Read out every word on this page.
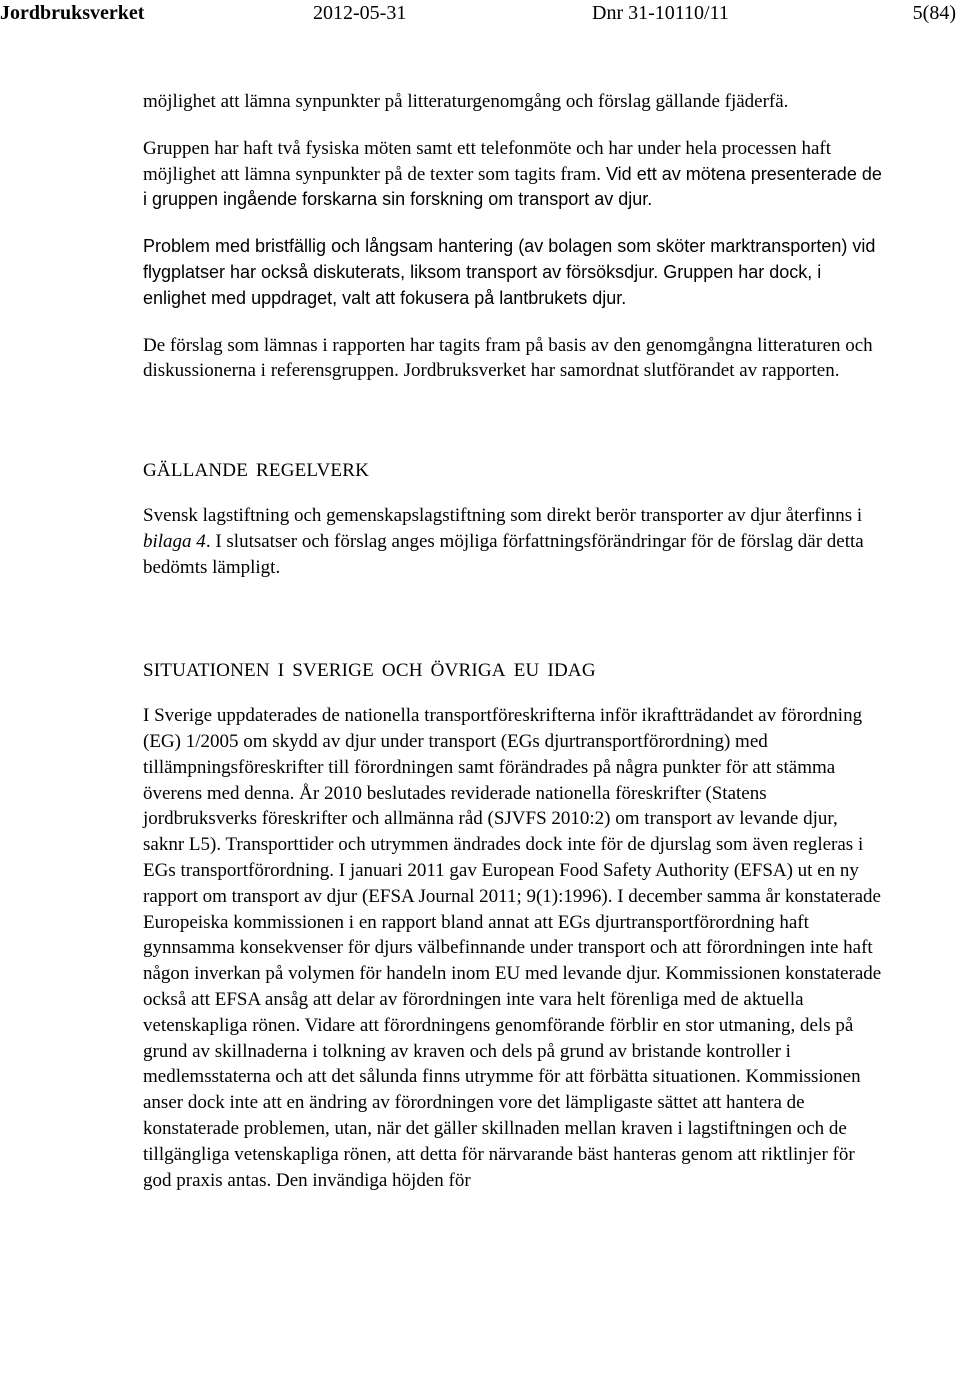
Jordbruksverket	2012-05-31	Dnr 31-10110/11	5(84)

möjlighet att lämna synpunkter på litteraturgenomgång och förslag gällande fjäderfä.

Gruppen har haft två fysiska möten samt ett telefonmöte och har under hela processen haft möjlighet att lämna synpunkter på de texter som tagits fram. Vid ett av mötena presenterade de i gruppen ingående forskarna sin forskning om transport av djur.

Problem med bristfällig och långsam hantering (av bolagen som sköter marktransporten) vid flygplatser har också diskuterats, liksom transport av försöksdjur. Gruppen har dock, i enlighet med uppdraget, valt att fokusera på lantbrukets djur.

De förslag som lämnas i rapporten har tagits fram på basis av den genomgångna litteraturen och diskussionerna i referensgruppen. Jordbruksverket har samordnat slutförandet av rapporten.

GÄLLANDE REGELVERK

Svensk lagstiftning och gemenskapslagstiftning som direkt berör transporter av djur återfinns i bilaga 4. I slutsatser och förslag anges möjliga författningsförändringar för de förslag där detta bedömts lämpligt.

SITUATIONEN I SVERIGE OCH ÖVRIGA EU IDAG

I Sverige uppdaterades de nationella transportföreskrifterna inför ikraftträdandet av förordning (EG) 1/2005 om skydd av djur under transport (EGs djurtransportförordning) med tillämpningsföreskrifter till förordningen samt förändrades på några punkter för att stämma överens med denna. År 2010 beslutades reviderade nationella föreskrifter (Statens jordbruksverks föreskrifter och allmänna råd (SJVFS 2010:2) om transport av levande djur, saknr L5). Transporttider och utrymmen ändrades dock inte för de djurslag som även regleras i EGs transportförordning. I januari 2011 gav European Food Safety Authority (EFSA) ut en ny rapport om transport av djur (EFSA Journal 2011; 9(1):1996). I december samma år konstaterade Europeiska kommissionen i en rapport bland annat att EGs djurtransportförordning haft gynnsamma konsekvenser för djurs välbefinnande under transport och att förordningen inte haft någon inverkan på volymen för handeln inom EU med levande djur. Kommissionen konstaterade också att EFSA ansåg att delar av förordningen inte vara helt förenliga med de aktuella vetenskapliga rönen. Vidare att förordningens genomförande förblir en stor utmaning, dels på grund av skillnaderna i tolkning av kraven och dels på grund av bristande kontroller i medlemsstaterna och att det sålunda finns utrymme för att förbätta situationen. Kommissionen anser dock inte att en ändring av förordningen vore det lämpligaste sättet att hantera de konstaterade problemen, utan, när det gäller skillnaden mellan kraven i lagstiftningen och de tillgängliga vetenskapliga rönen, att detta för närvarande bäst hanteras genom att riktlinjer för god praxis antas. Den invändiga höjden för
